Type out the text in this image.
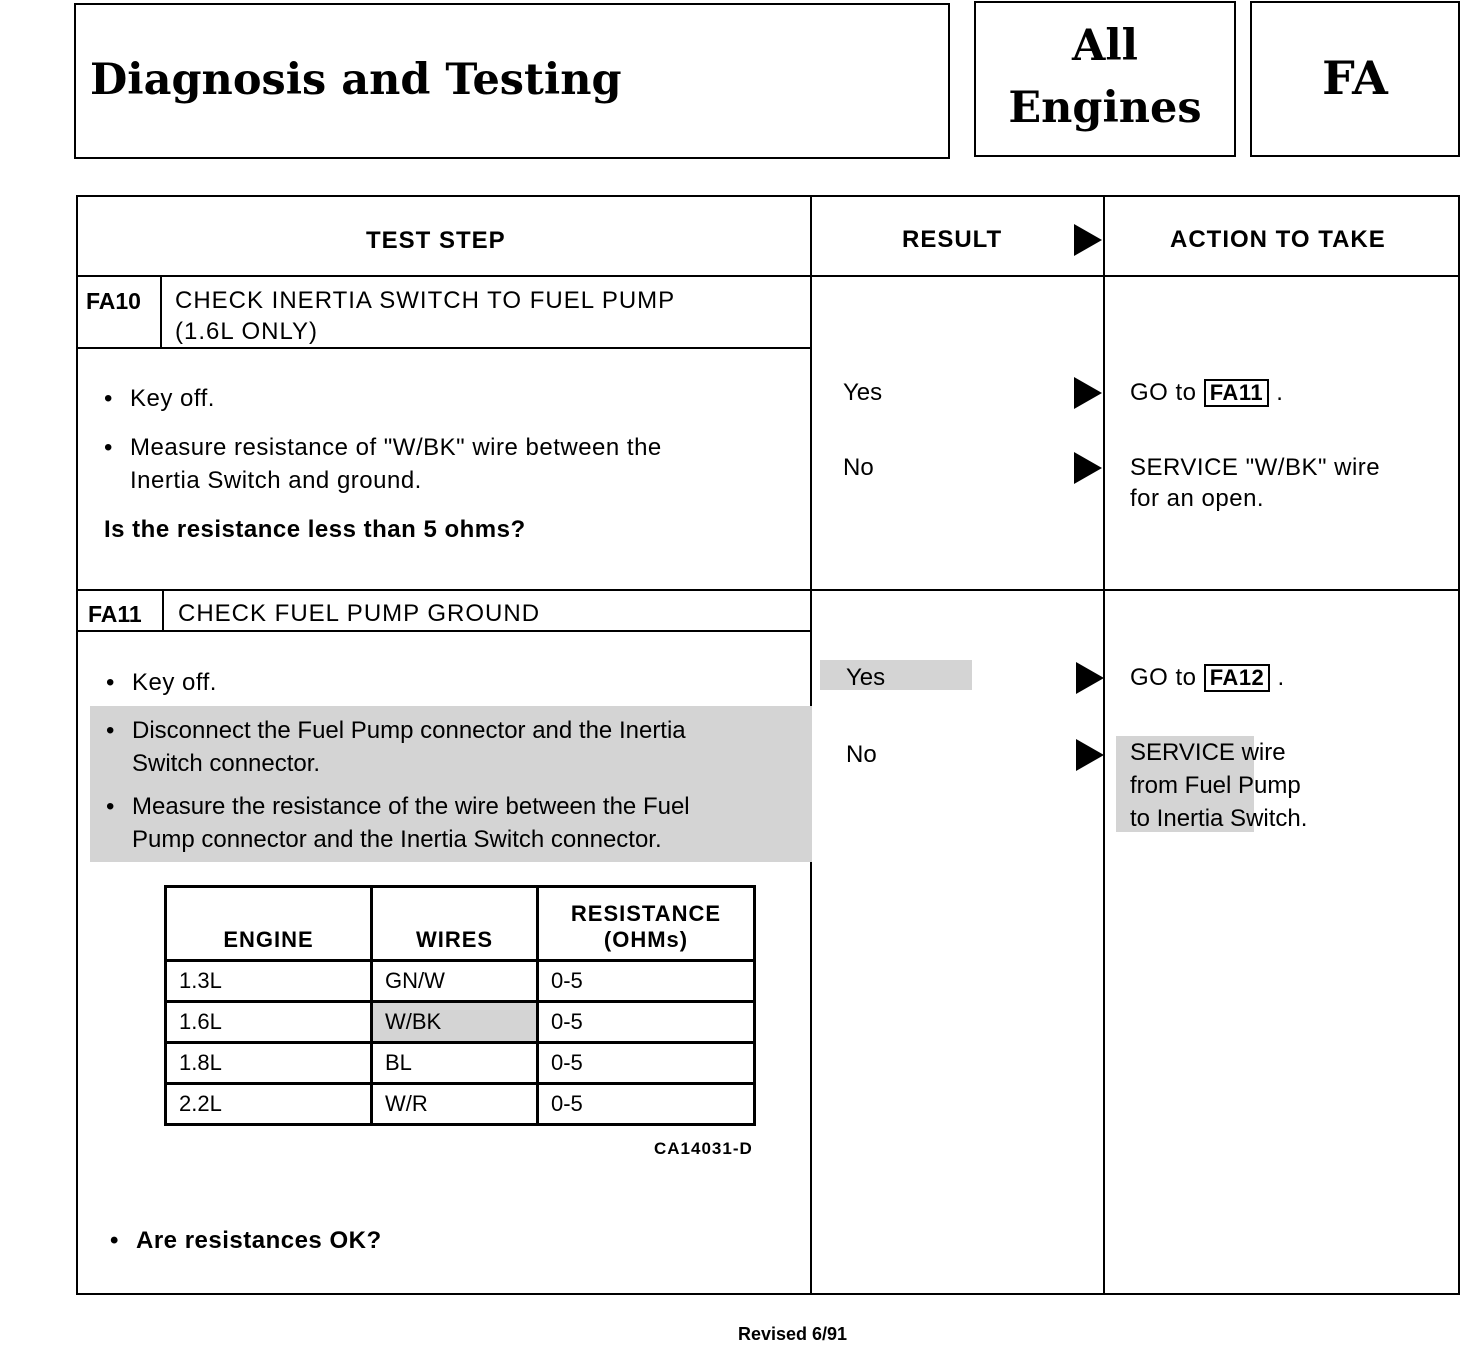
Diagnosis and Testing
All
Engines
FA
TEST STEP	RESULT	ACTION TO TAKE
FA10 CHECK INERTIA SWITCH TO FUEL PUMP
(1.6L ONLY)
• Key off.
• Measure resistance of "W/BK" wire between the
Inertia Switch and ground.
Is the resistance less than 5 ohms?
Yes	GO to FA11 .
No	SERVICE "W/BK" wire
for an open.
FA11 CHECK FUEL PUMP GROUND
• Key off.
• Disconnect the Fuel Pump connector and the Inertia
Switch connector.
• Measure the resistance of the wire between the Fuel
Pump connector and the Inertia Switch connector.
ENGINE	WIRES	RESISTANCE
(OHMs)

1.3L	GN/W	0-5
1.6L	W/BK	0-5
1.8L	BL	0-5
2.2L	W/R	0-5
CA14031-D
• Are resistances OK?
Yes	GO to FA12 .
No	SERVICE wire
from Fuel Pump
to Inertia Switch.
Revised 6/91
